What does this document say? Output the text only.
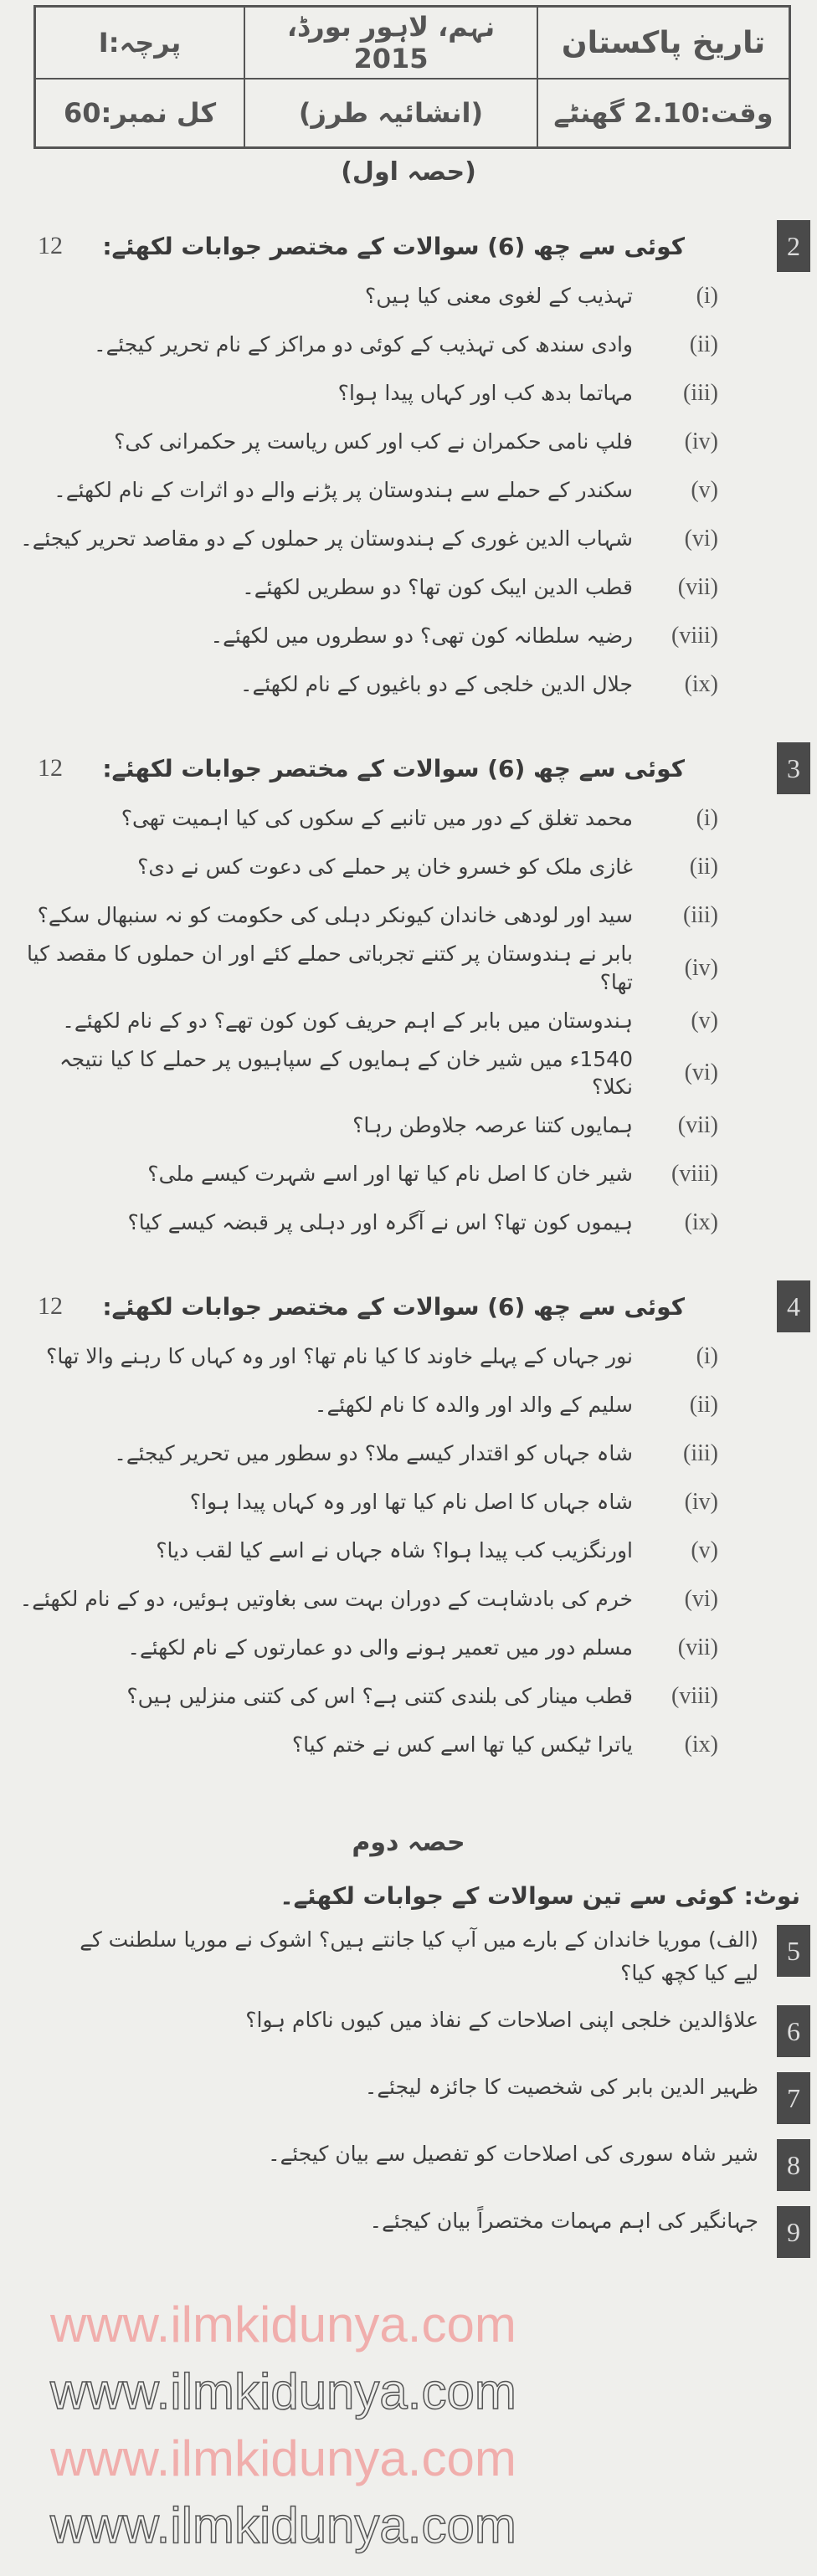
پرچہ:I	نہم، لاہور بورڈ، 2015	تاریخ پاکستان
کل نمبر:60	(انشائیہ طرز)	وقت:2.10 گھنٹے
(حصہ اول)
2
کوئی سے چھ (6) سوالات کے مختصر جوابات لکھئے:
12
(i)
تہذیب کے لغوی معنی کیا ہیں؟
(ii)
وادی سندھ کی تہذیب کے کوئی دو مراکز کے نام تحریر کیجئے۔
(iii)
مہاتما بدھ کب اور کہاں پیدا ہوا؟
(iv)
فلپ نامی حکمران نے کب اور کس ریاست پر حکمرانی کی؟
(v)
سکندر کے حملے سے ہندوستان پر پڑنے والے دو اثرات کے نام لکھئے۔
(vi)
شہاب الدین غوری کے ہندوستان پر حملوں کے دو مقاصد تحریر کیجئے۔
(vii)
قطب الدین ایبک کون تھا؟ دو سطریں لکھئے۔
(viii)
رضیہ سلطانہ کون تھی؟ دو سطروں میں لکھئے۔
(ix)
جلال الدین خلجی کے دو باغیوں کے نام لکھئے۔
3
کوئی سے چھ (6) سوالات کے مختصر جوابات لکھئے:
12
(i)
محمد تغلق کے دور میں تانبے کے سکوں کی کیا اہمیت تھی؟
(ii)
غازی ملک کو خسرو خان پر حملے کی دعوت کس نے دی؟
(iii)
سید اور لودھی خاندان کیونکر دہلی کی حکومت کو نہ سنبھال سکے؟
(iv)
بابر نے ہندوستان پر کتنے تجرباتی حملے کئے اور ان حملوں کا مقصد کیا تھا؟
(v)
ہندوستان میں بابر کے اہم حریف کون کون تھے؟ دو کے نام لکھئے۔
(vi)
1540ء میں شیر خان کے ہمایوں کے سپاہیوں پر حملے کا کیا نتیجہ نکلا؟
(vii)
ہمایوں کتنا عرصہ جلاوطن رہا؟
(viii)
شیر خان کا اصل نام کیا تھا اور اسے شہرت کیسے ملی؟
(ix)
ہیموں کون تھا؟ اس نے آگرہ اور دہلی پر قبضہ کیسے کیا؟
4
کوئی سے چھ (6) سوالات کے مختصر جوابات لکھئے:
12
(i)
نور جہاں کے پہلے خاوند کا کیا نام تھا؟ اور وہ کہاں کا رہنے والا تھا؟
(ii)
سلیم کے والد اور والدہ کا نام لکھئے۔
(iii)
شاہ جہاں کو اقتدار کیسے ملا؟ دو سطور میں تحریر کیجئے۔
(iv)
شاہ جہاں کا اصل نام کیا تھا اور وہ کہاں پیدا ہوا؟
(v)
اورنگزیب کب پیدا ہوا؟ شاہ جہاں نے اسے کیا لقب دیا؟
(vi)
خرم کی بادشاہت کے دوران بہت سی بغاوتیں ہوئیں، دو کے نام لکھئے۔
(vii)
مسلم دور میں تعمیر ہونے والی دو عمارتوں کے نام لکھئے۔
(viii)
قطب مینار کی بلندی کتنی ہے؟ اس کی کتنی منزلیں ہیں؟
(ix)
یاترا ٹیکس کیا تھا اسے کس نے ختم کیا؟
حصہ دوم
نوٹ: کوئی سے تین سوالات کے جوابات لکھئے۔
5
(الف) موریا خاندان کے بارے میں آپ کیا جانتے ہیں؟ اشوک نے موریا سلطنت کے
لیے کیا کچھ کیا؟
6
علاؤالدین خلجی اپنی اصلاحات کے نفاذ میں کیوں ناکام ہوا؟
7
ظہیر الدین بابر کی شخصیت کا جائزہ لیجئے۔
8
شیر شاہ سوری کی اصلاحات کو تفصیل سے بیان کیجئے۔
9
جہانگیر کی اہم مہمات مختصراً بیان کیجئے۔
www.ilmkidunya.com
www.ilmkidunya.com
www.ilmkidunya.com
www.ilmkidunya.com
